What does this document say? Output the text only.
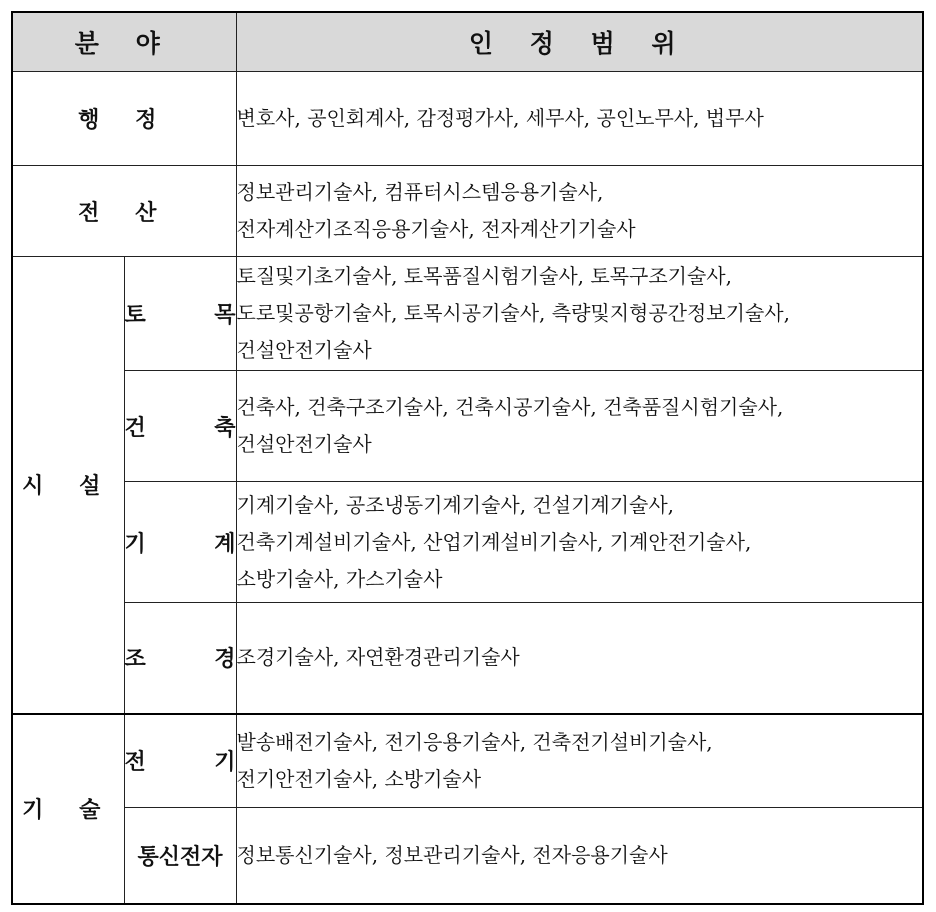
분 야		인 정 범 위
행 정		변호사, 공인회계사, 감정평가사, 세무사, 공인노무사, 법무사

전 산		정보관리기술사, 컴퓨터시스템응용기술사,
전자계산기조직응용기술사, 전자계산기기술사

시 설	토 목	토질및기초기술사, 토목품질시험기술사, 토목구조기술사,
도로및공항기술사, 토목시공기술사, 측량및지형공간정보기술사,
건설안전기술사

	건 축	건축사, 건축구조기술사, 건축시공기술사, 건축품질시험기술사,
건설안전기술사

	기 계	기계기술사, 공조냉동기계기술사, 건설기계기술사,
건축기계설비기술사, 산업기계설비기술사, 기계안전기술사,
소방기술사, 가스기술사

	조 경	조경기술사, 자연환경관리기술사

기 술	전 기	발송배전기술사, 전기응용기술사, 건축전기설비기술사,
전기안전기술사, 소방기술사

	통신전자	정보통신기술사, 정보관리기술사, 전자응용기술사
